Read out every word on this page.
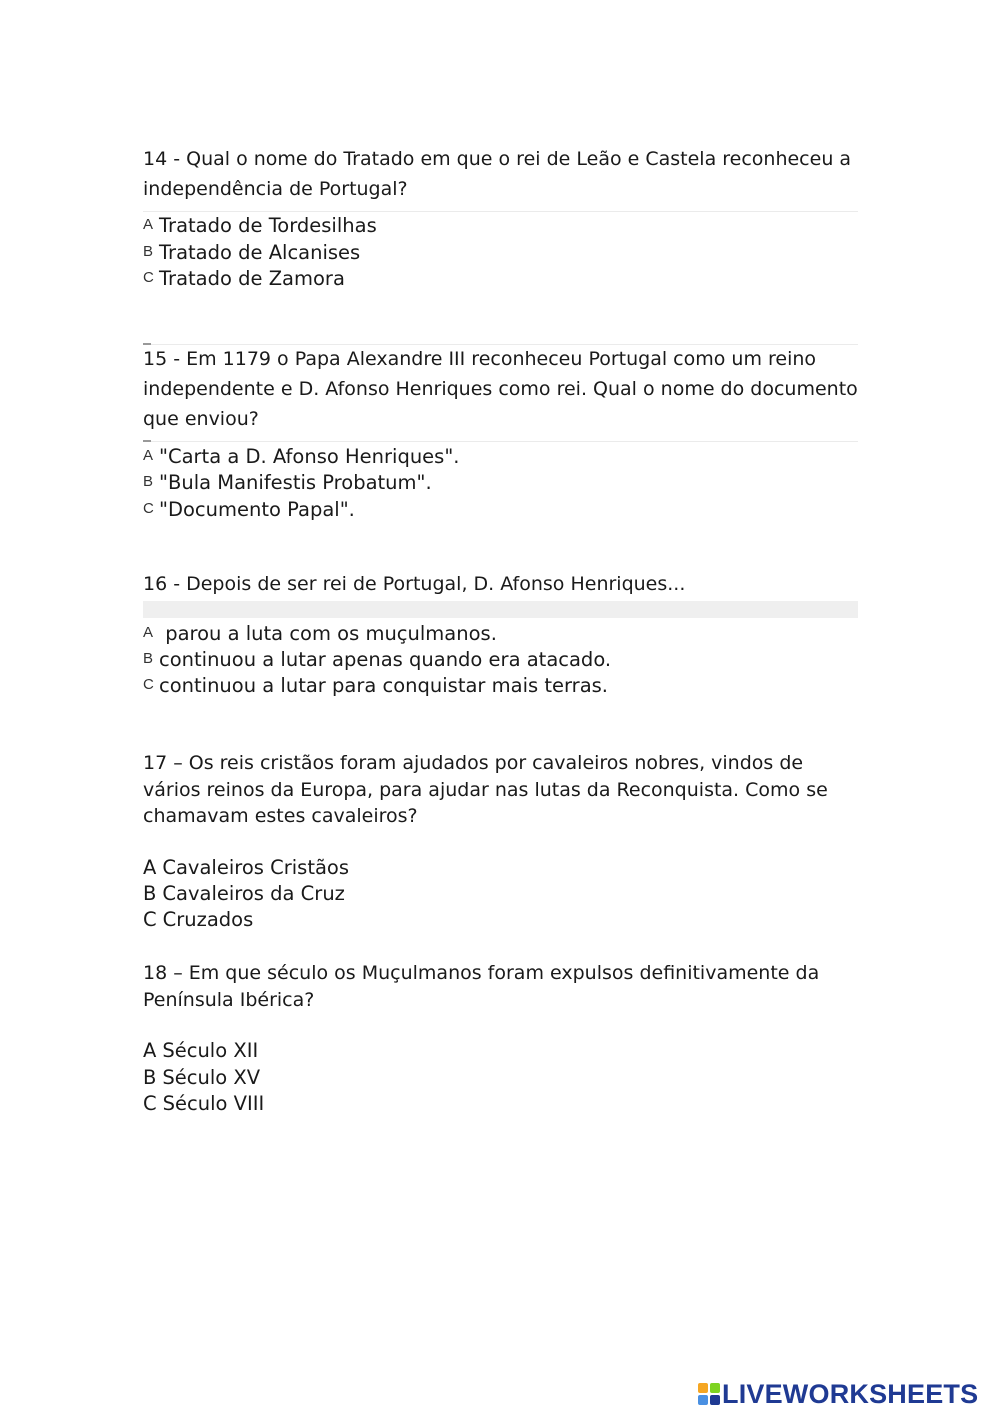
14 - Qual o nome do Tratado em que o rei de Leão e Castela reconheceu a independência de Portugal?
A Tratado de Tordesilhas
B Tratado de Alcanises
C Tratado de Zamora
15 - Em 1179 o Papa Alexandre III reconheceu Portugal como um reino independente e D. Afonso Henriques como rei. Qual o nome do documento que enviou?
A "Carta a D. Afonso Henriques".
B "Bula Manifestis Probatum".
C "Documento Papal".
16 - Depois de ser rei de Portugal, D. Afonso Henriques...
A parou a luta com os muçulmanos.
B continuou a lutar apenas quando era atacado.
C continuou a lutar para conquistar mais terras.
17 – Os reis cristãos foram ajudados por cavaleiros nobres, vindos de vários reinos da Europa, para ajudar nas lutas da Reconquista. Como se chamavam estes cavaleiros?
A Cavaleiros Cristãos
B Cavaleiros da Cruz
C Cruzados
18 – Em que século os Muçulmanos foram expulsos definitivamente da Península Ibérica?
A Século XII
B Século XV
C Século VIII
LIVEWORKSHEETS
